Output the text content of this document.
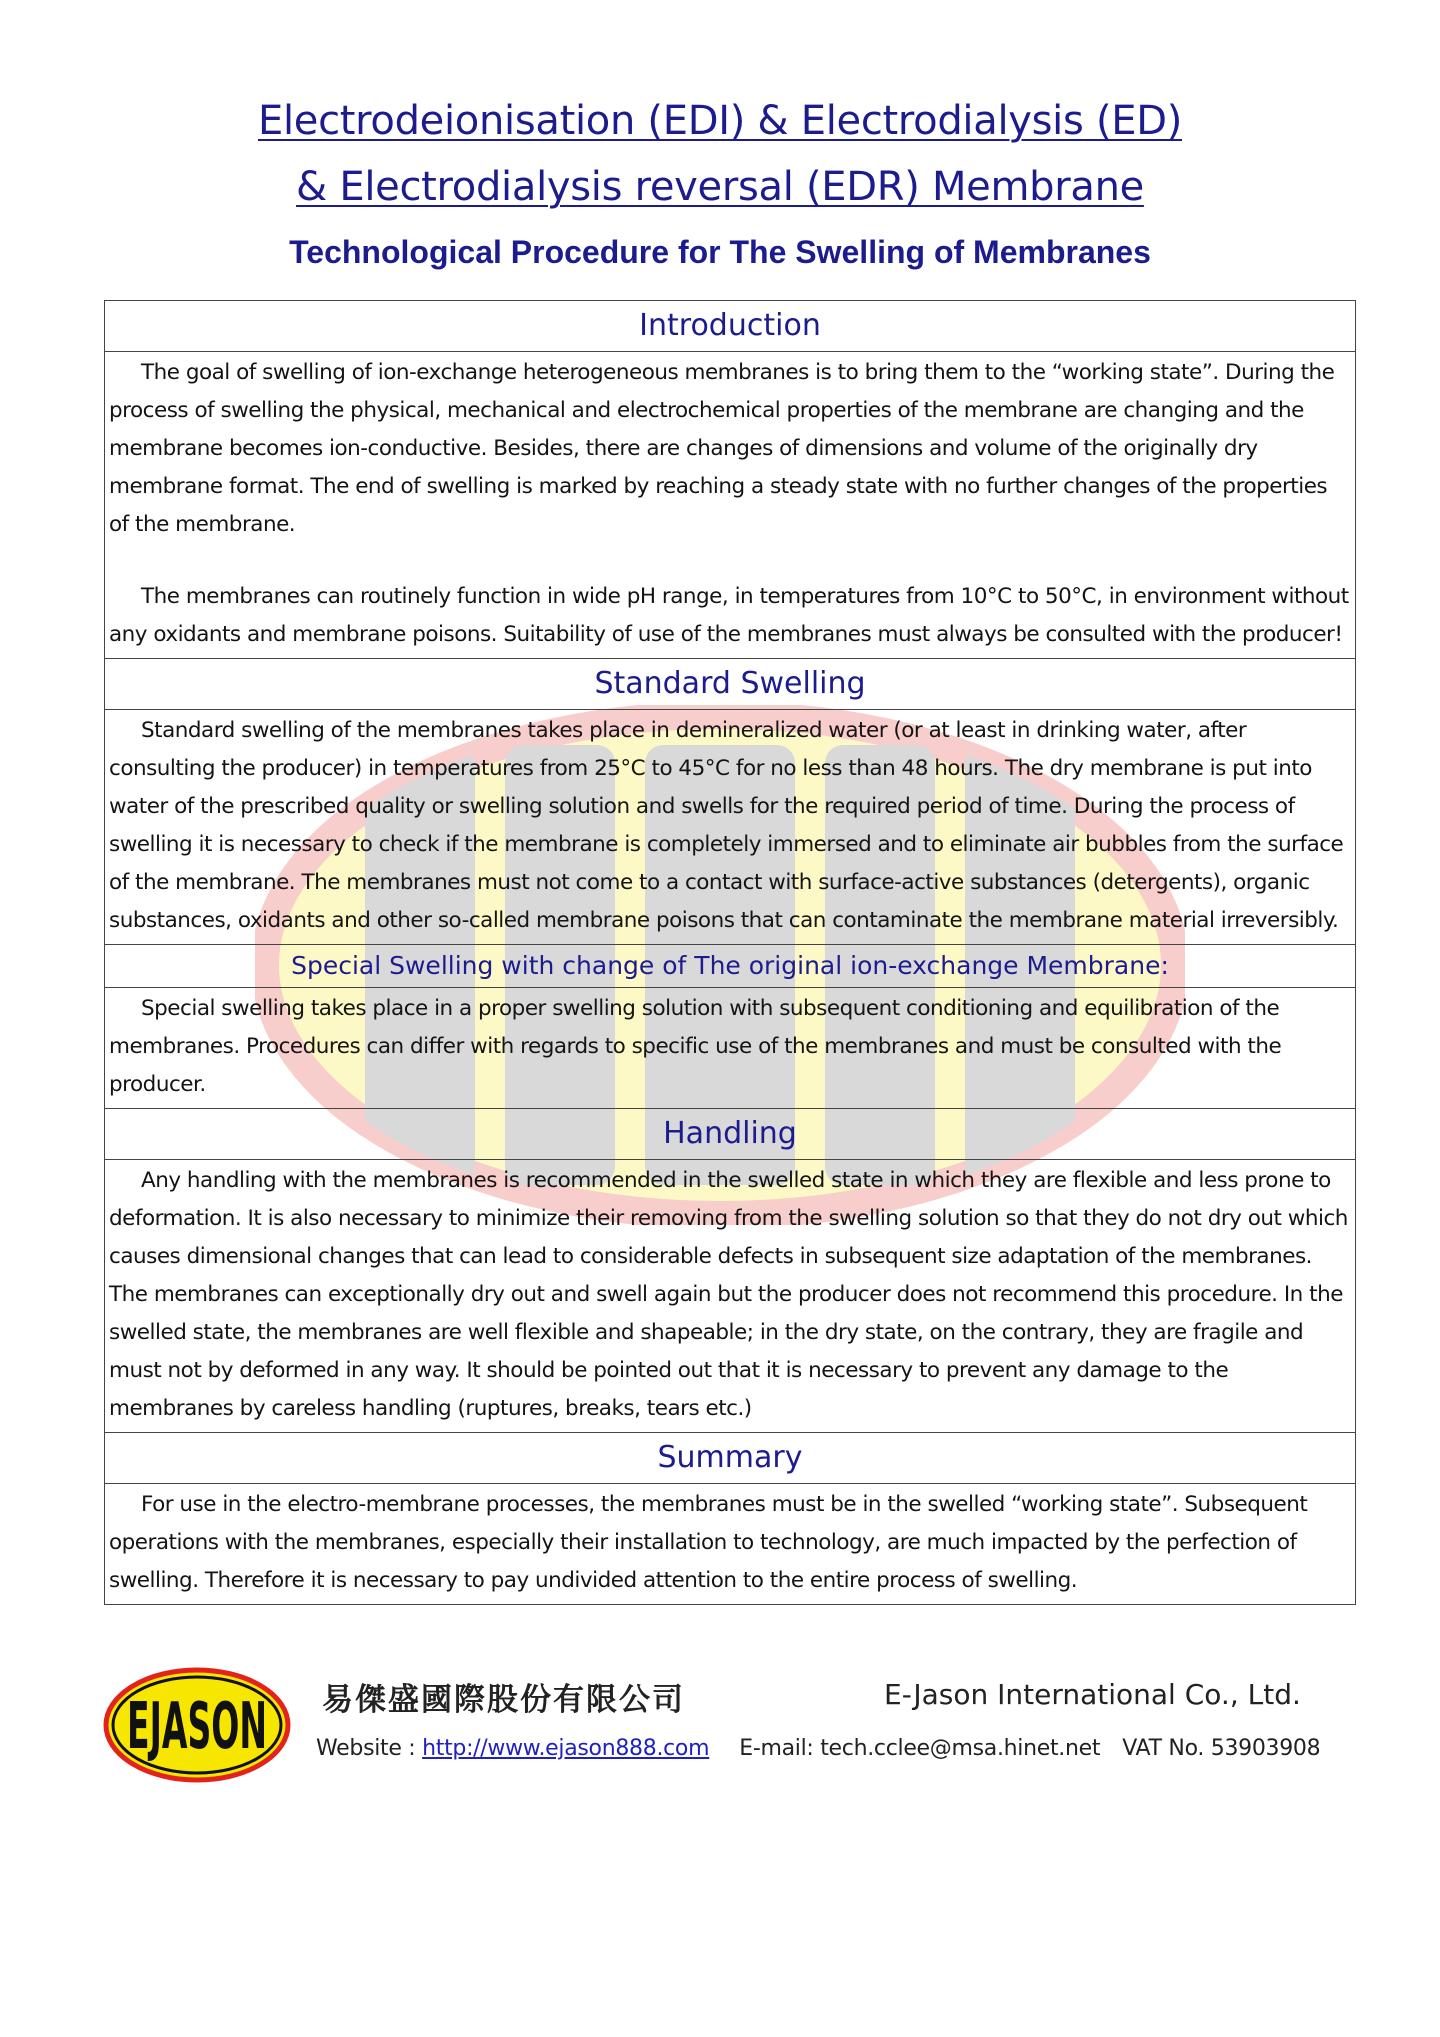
Electrodeionisation (EDI) & Electrodialysis (ED)
& Electrodialysis reversal (EDR) Membrane
Technological Procedure for The Swelling of Membranes
Introduction

The goal of swelling of ion-exchange heterogeneous membranes is to bring them to the “working state”. During the process of swelling the physical, mechanical and electrochemical properties of the membrane are changing and the membrane becomes ion-conductive. Besides, there are changes of dimensions and volume of the originally dry membrane format. The end of swelling is marked by reaching a steady state with no further changes of the properties of the membrane.

The membranes can routinely function in wide pH range, in temperatures from 10°C to 50°C, in environment without any oxidants and membrane poisons. Suitability of use of the membranes must always be consulted with the producer!

Standard Swelling

Standard swelling of the membranes takes place in demineralized water (or at least in drinking water, after consulting the producer) in temperatures from 25°C to 45°C for no less than 48 hours. The dry membrane is put into water of the prescribed quality or swelling solution and swells for the required period of time. During the process of swelling it is necessary to check if the membrane is completely immersed and to eliminate air bubbles from the surface of the membrane. The membranes must not come to a contact with surface-active substances (detergents), organic substances, oxidants and other so-called membrane poisons that can contaminate the membrane material irreversibly.

Special Swelling with change of The original ion-exchange Membrane:

Special swelling takes place in a proper swelling solution with subsequent conditioning and equilibration of the membranes. Procedures can differ with regards to specific use of the membranes and must be consulted with the producer.

Handling

Any handling with the membranes is recommended in the swelled state in which they are flexible and less prone to deformation. It is also necessary to minimize their removing from the swelling solution so that they do not dry out which causes dimensional changes that can lead to considerable defects in subsequent size adaptation of the membranes. The membranes can exceptionally dry out and swell again but the producer does not recommend this procedure. In the swelled state, the membranes are well flexible and shapeable; in the dry state, on the contrary, they are fragile and must not by deformed in any way. It should be pointed out that it is necessary to prevent any damage to the membranes by careless handling (ruptures, breaks, tears etc.)

Summary

For use in the electro-membrane processes, the membranes must be in the swelled “working state”. Subsequent operations with the membranes, especially their installation to technology, are much impacted by the perfection of swelling. Therefore it is necessary to pay undivided attention to the entire process of swelling.

EJASON 易傑盛國際股份有限公司	E-Jason International Co., Ltd.
Website : http://www.ejason888.com E-mail: tech.cclee@msa.hinet.net VAT No. 53903908
